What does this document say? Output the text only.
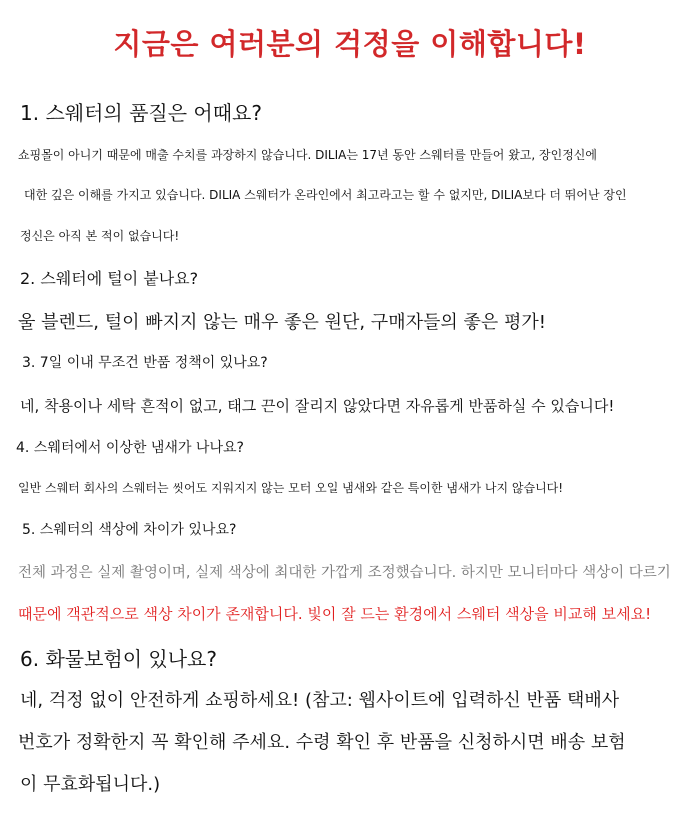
지금은 여러분의 걱정을 이해합니다!
1. 스웨터의 품질은 어때요?
쇼핑몰이 아니기 때문에 매출 수치를 과장하지 않습니다. DILIA는 17년 동안 스웨터를 만들어 왔고, 장인정신에
대한 깊은 이해를 가지고 있습니다. DILIA 스웨터가 온라인에서 최고라고는 할 수 없지만, DILIA보다 더 뛰어난 장인
정신은 아직 본 적이 없습니다!
2. 스웨터에 털이 붙나요?
울 블렌드, 털이 빠지지 않는 매우 좋은 원단, 구매자들의 좋은 평가!
3. 7일 이내 무조건 반품 정책이 있나요?
네, 착용이나 세탁 흔적이 없고, 태그 끈이 잘리지 않았다면 자유롭게 반품하실 수 있습니다!
4. 스웨터에서 이상한 냄새가 나나요?
일반 스웨터 회사의 스웨터는 씻어도 지워지지 않는 모터 오일 냄새와 같은 특이한 냄새가 나지 않습니다!
5. 스웨터의 색상에 차이가 있나요?
전체 과정은 실제 촬영이며, 실제 색상에 최대한 가깝게 조정했습니다. 하지만 모니터마다 색상이 다르기
때문에 객관적으로 색상 차이가 존재합니다. 빛이 잘 드는 환경에서 스웨터 색상을 비교해 보세요!
6. 화물보험이 있나요?
네, 걱정 없이 안전하게 쇼핑하세요! (참고: 웹사이트에 입력하신 반품 택배사
번호가 정확한지 꼭 확인해 주세요. 수령 확인 후 반품을 신청하시면 배송 보험
이 무효화됩니다.)
